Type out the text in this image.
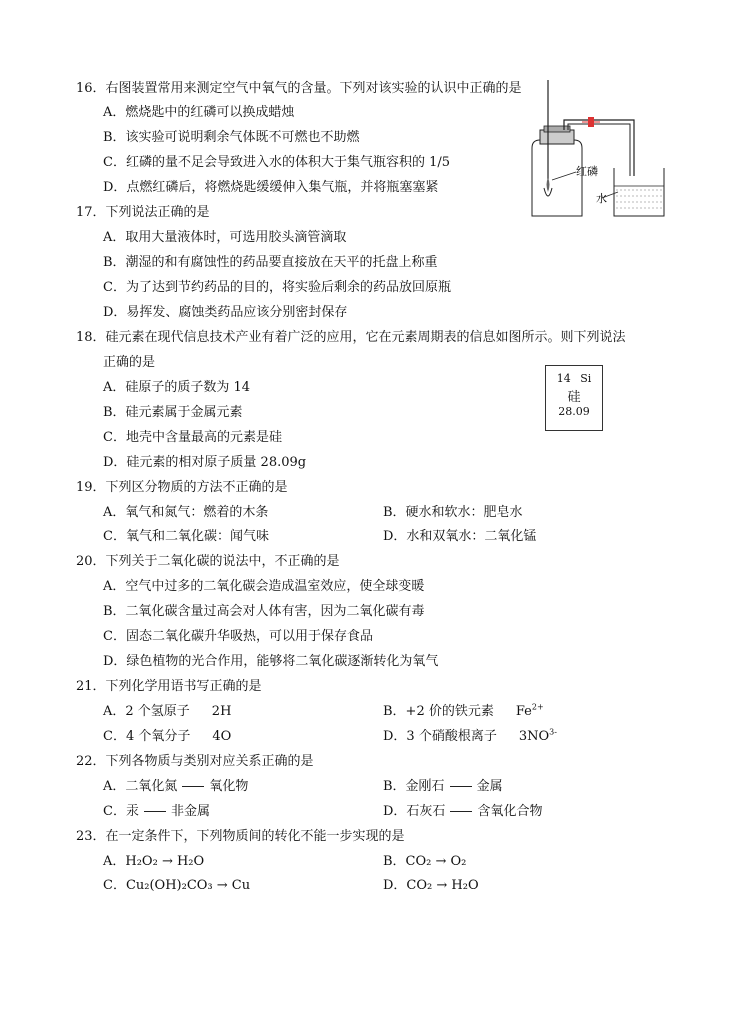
16．右图装置常用来测定空气中氧气的含量。下列对该实验的认识中正确的是
A．燃烧匙中的红磷可以换成蜡烛
B．该实验可说明剩余气体既不可燃也不助燃
C．红磷的量不足会导致进入水的体积大于集气瓶容积的 1/5
D．点燃红磷后，将燃烧匙缓缓伸入集气瓶，并将瓶塞塞紧
红磷
水
17．下列说法正确的是
A．取用大量液体时，可选用胶头滴管滴取
B．潮湿的和有腐蚀性的药品要直接放在天平的托盘上称重
C．为了达到节约药品的目的，将实验后剩余的药品放回原瓶
D．易挥发、腐蚀类药品应该分别密封保存
18．硅元素在现代信息技术产业有着广泛的应用，它在元素周期表的信息如图所示。则下列说法
正确的是
A．硅原子的质子数为 14
B．硅元素属于金属元素
C．地壳中含量最高的元素是硅
D．硅元素的相对原子质量 28.09g
14 Si
硅
28.09
19．下列区分物质的方法不正确的是
A．氧气和氮气：燃着的木条	B．硬水和软水：肥皂水
C．氧气和二氧化碳：闻气味	D．水和双氧水：二氧化锰
20．下列关于二氧化碳的说法中，不正确的是
A．空气中过多的二氧化碳会造成温室效应，使全球变暖
B．二氧化碳含量过高会对人体有害，因为二氧化碳有毒
C．固态二氧化碳升华吸热，可以用于保存食品
D．绿色植物的光合作用，能够将二氧化碳逐渐转化为氧气
21．下列化学用语书写正确的是
A．2 个氢原子 2H	B．+2 价的铁元素 $Fe^{2+}$
C．4 个氧分子 4O	D．3 个硝酸根离子 $3NO^{3-}$
22．下列各物质与类别对应关系正确的是
A．二氧化氮 氧化物	B．金刚石 金属
C．汞 非金属	D．石灰石 含氧化合物
23．在一定条件下，下列物质间的转化不能一步实现的是
A．H₂O₂ → H₂O	B．CO₂ → O₂
C．Cu₂(OH)₂CO₃ → Cu	D．CO₂ → H₂O
